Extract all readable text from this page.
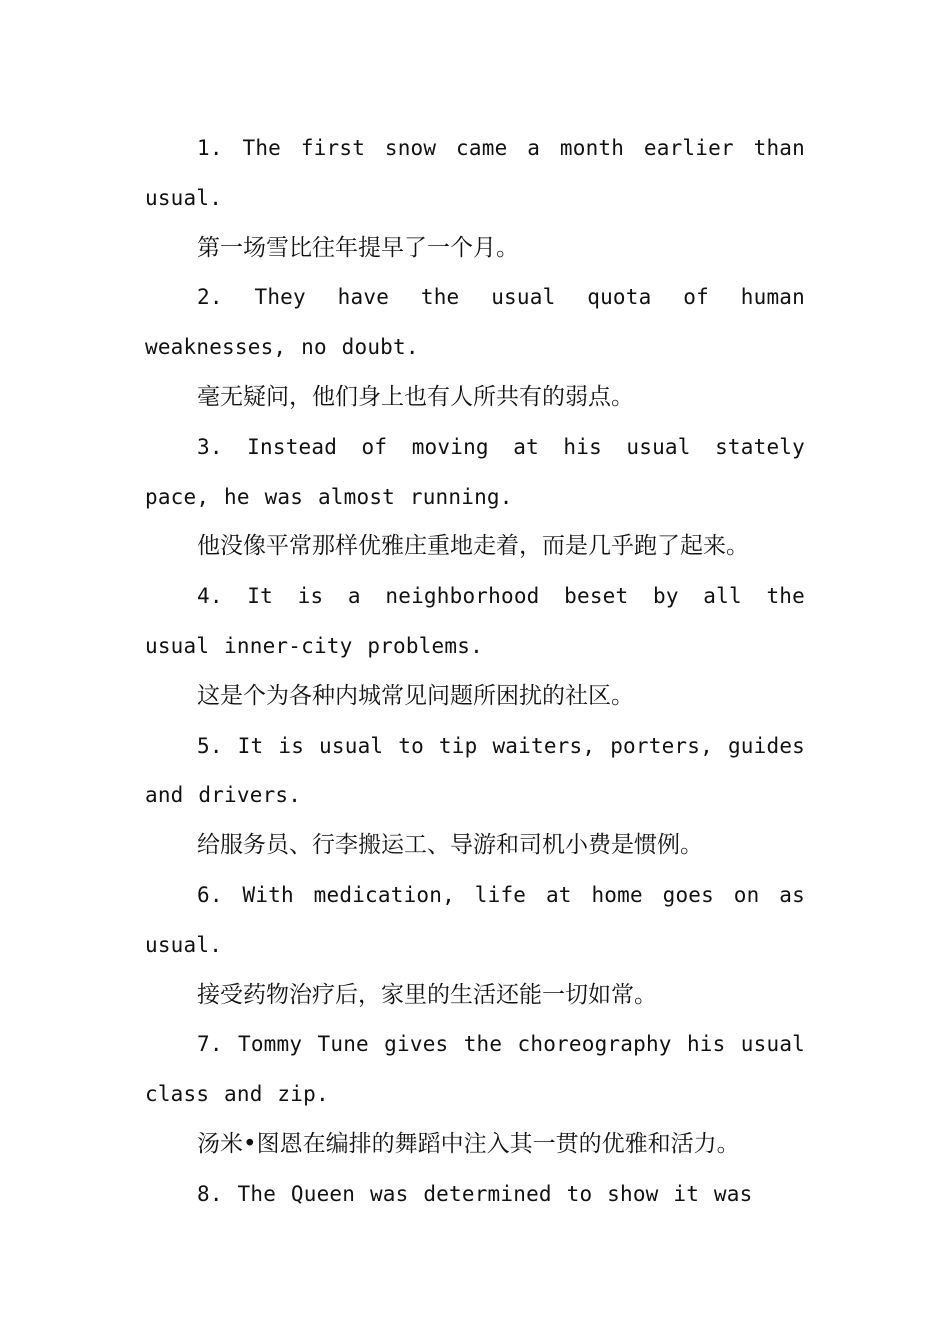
1. The first snow came a month earlier than usual.

第一场雪比往年提早了一个月。

2. They have the usual quota of human weaknesses, no doubt.

毫无疑问，他们身上也有人所共有的弱点。

3. Instead of moving at his usual stately pace, he was almost running.

他没像平常那样优雅庄重地走着，而是几乎跑了起来。

4. It is a neighborhood beset by all the usual inner-city problems.

这是个为各种内城常见问题所困扰的社区。

5. It is usual to tip waiters, porters, guides and drivers.

给服务员、行李搬运工、导游和司机小费是惯例。

6. With medication, life at home goes on as usual.

接受药物治疗后，家里的生活还能一切如常。

7. Tommy Tune gives the choreography his usual class and zip.

汤米•图恩在编排的舞蹈中注入其一贯的优雅和活力。

8. The Queen was determined to show it was
